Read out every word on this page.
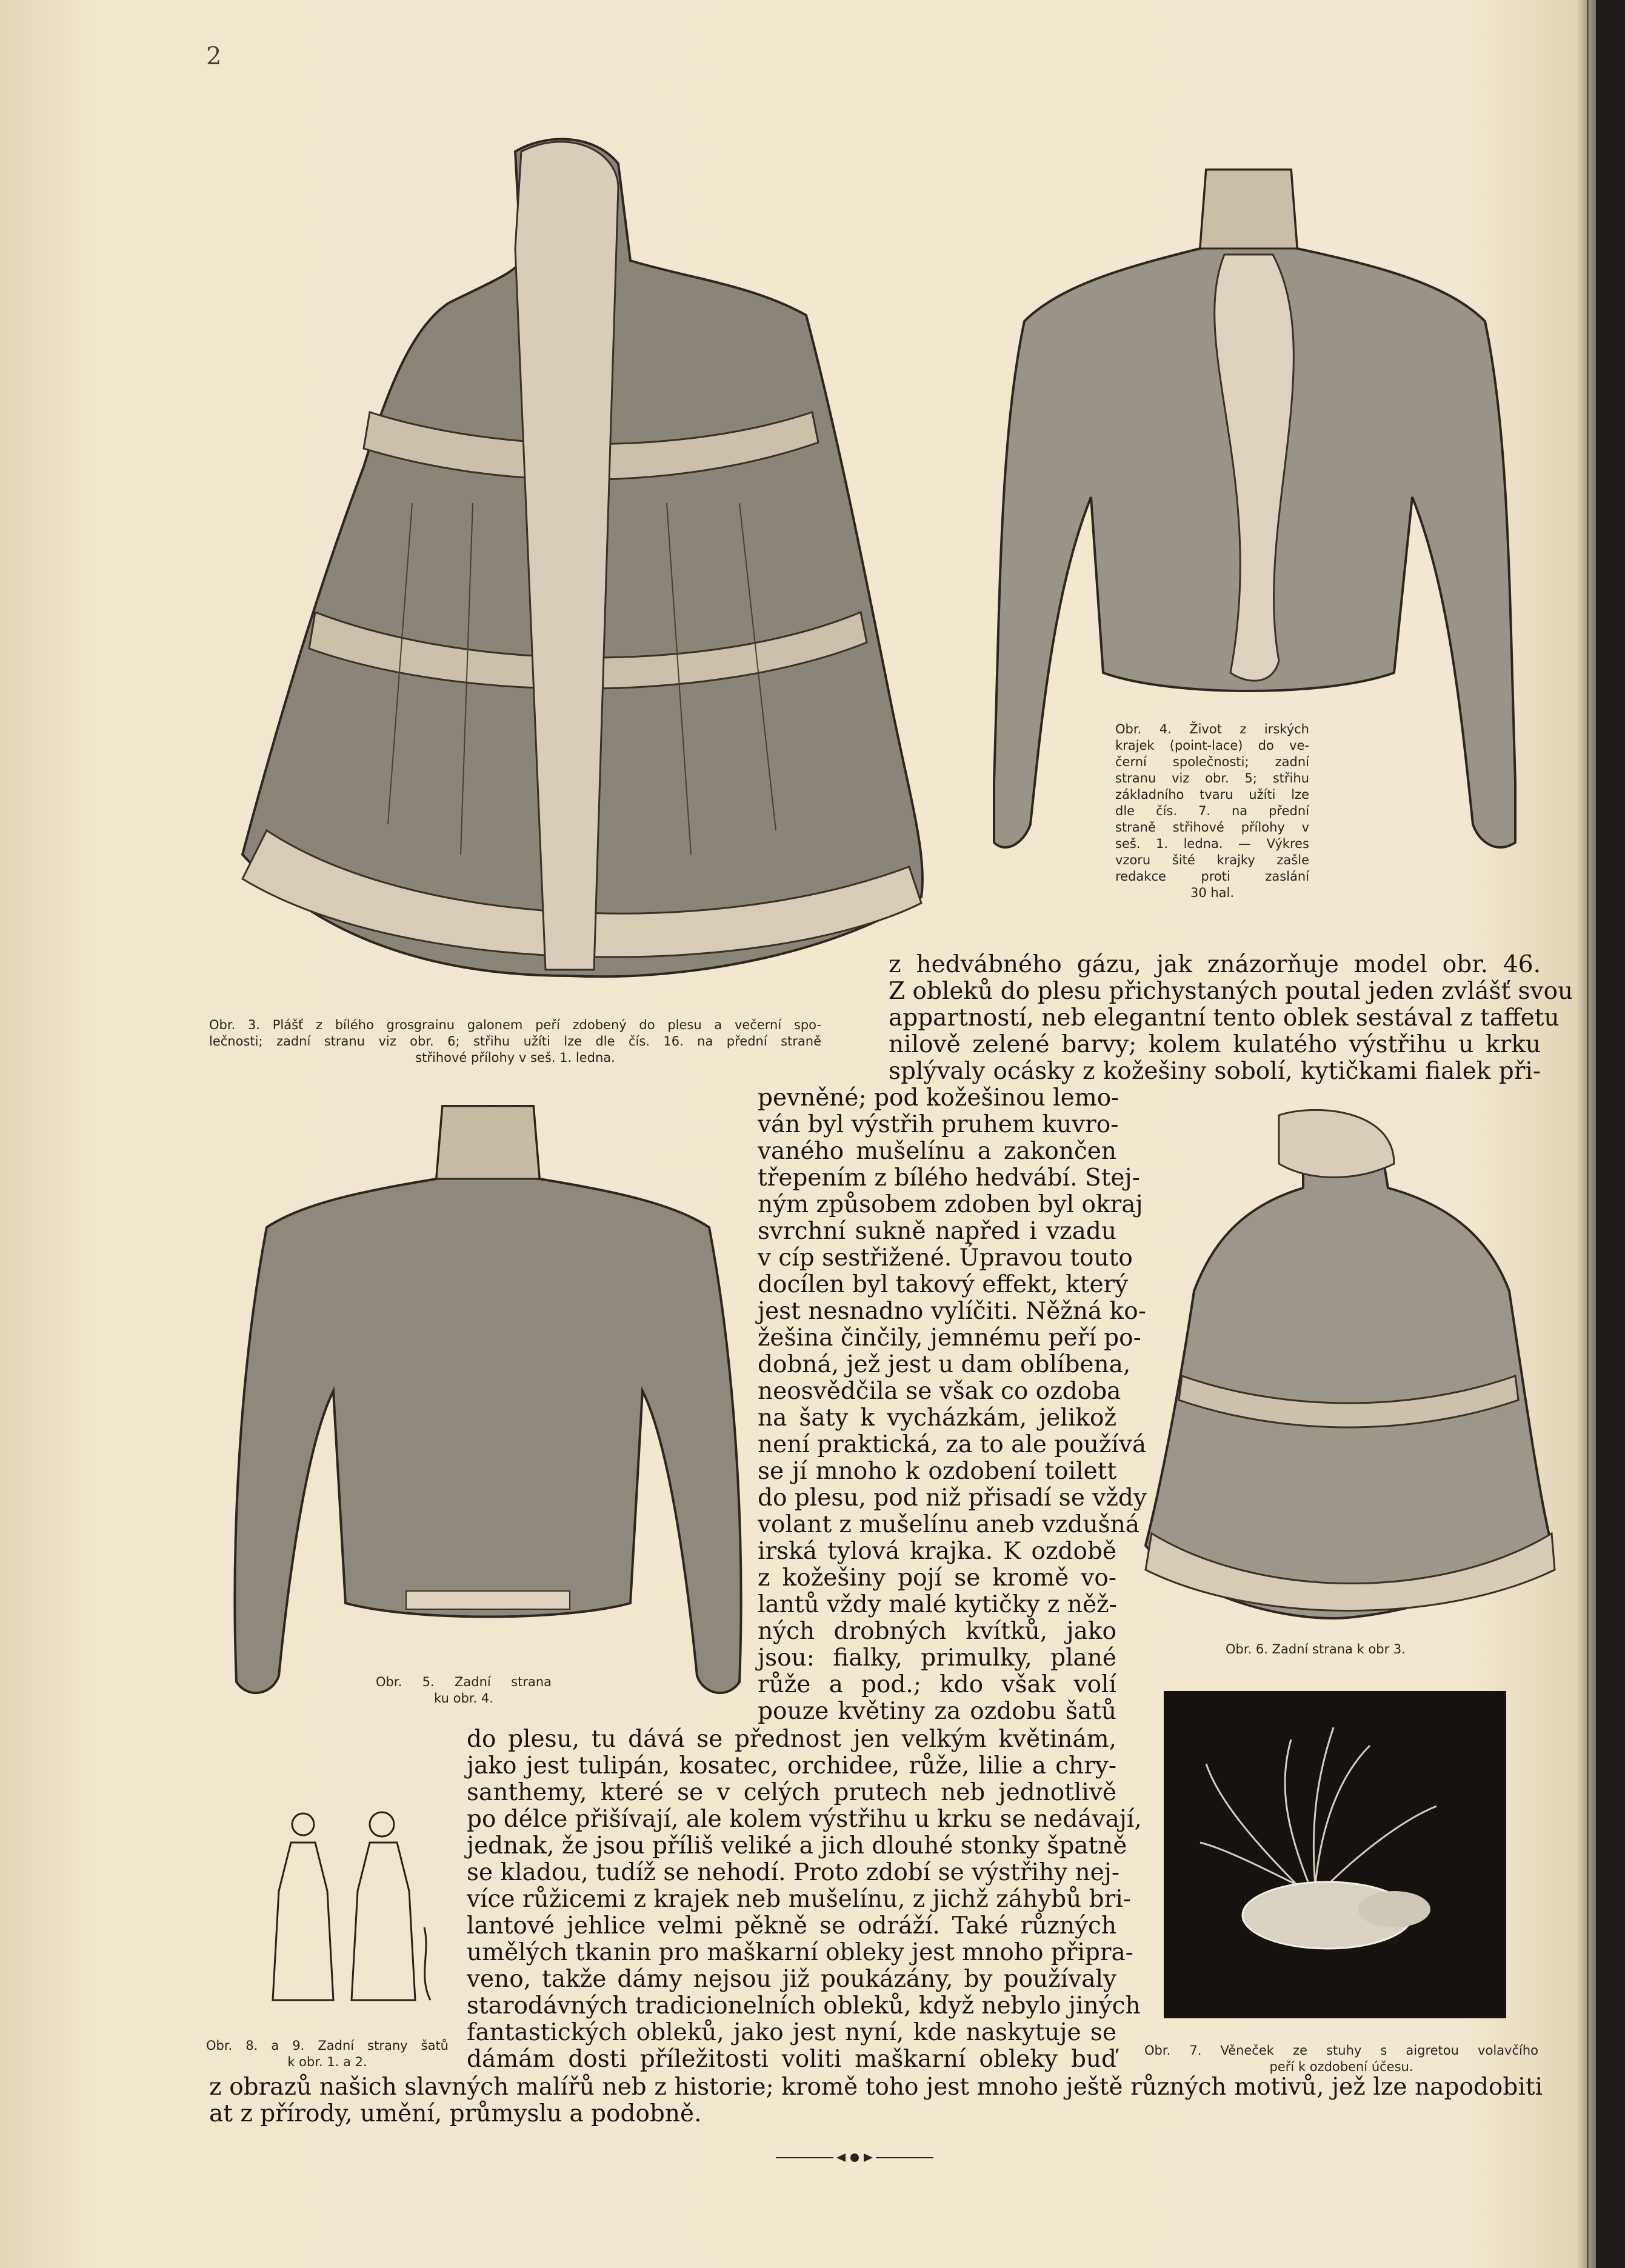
2
Obr. 3. Plášť z bílého grosgrainu galonem peří zdobený do plesu a večerní spo-
lečnosti; zadní stranu viz obr. 6; střihu užíti lze dle čís. 16. na přední straně
střihové přílohy v seš. 1. ledna.
Obr. 4. Život z irských
krajek (point-lace) do ve-
černí společnosti; zadní
stranu viz obr. 5; střihu
základního tvaru užíti lze
dle čís. 7. na přední
straně střihové přílohy v
seš. 1. ledna. — Výkres
vzoru šité krajky zašle
redakce proti zaslání
30 hal.
Obr. 5. Zadní strana
ku obr. 4.
Obr. 6. Zadní strana k obr 3.
Obr. 7. Věneček ze stuhy s aigretou volavčího
peří k ozdobení účesu.
Obr. 8. a 9. Zadní strany šatů
k obr. 1. a 2.
z hedvábného gázu, jak znázorňuje model obr. 46.
Z obleků do plesu přichystaných poutal jeden zvlášť svou
appartností, neb elegantní tento oblek sestával z taffetu
nilově zelené barvy; kolem kulatého výstřihu u krku
splývaly ocásky z kožešiny sobolí, kytičkami fialek při-
pevněné; pod kožešinou lemo-
ván byl výstřih pruhem kuvro-
vaného mušelínu a zakončen
třepením z bílého hedvábí. Stej-
ným způsobem zdoben byl okraj
svrchní sukně napřed i vzadu
v cíp sestřižené. Úpravou touto
docílen byl takový effekt, který
jest nesnadno vylíčiti. Něžná ko-
žešina činčily, jemnému peří po-
dobná, jež jest u dam oblíbena,
neosvědčila se však co ozdoba
na šaty k vycházkám, jelikož
není praktická, za to ale používá
se jí mnoho k ozdobení toilett
do plesu, pod niž přisadí se vždy
volant z mušelínu aneb vzdušná
irská tylová krajka. K ozdobě
z kožešiny pojí se kromě vo-
lantů vždy malé kytičky z něž-
ných drobných kvítků, jako
jsou: fialky, primulky, plané
růže a pod.; kdo však volí
pouze květiny za ozdobu šatů
do plesu, tu dává se přednost jen velkým květinám,
jako jest tulipán, kosatec, orchidee, růže, lilie a chry-
santhemy, které se v celých prutech neb jednotlivě
po délce přišívají, ale kolem výstřihu u krku se nedávají,
jednak, že jsou příliš veliké a jich dlouhé stonky špatně
se kladou, tudíž se nehodí. Proto zdobí se výstřihy nej-
více růžicemi z krajek neb mušelínu, z jichž záhybů bri-
lantové jehlice velmi pěkně se odráží. Také různých
umělých tkanin pro maškarní obleky jest mnoho připra-
veno, takže dámy nejsou již poukázány, by používaly
starodávných tradicionelních obleků, když nebylo jiných
fantastických obleků, jako jest nyní, kde naskytuje se
dámám dosti příležitosti voliti maškarní obleky buď
z obrazů našich slavných malířů neb z historie; kromě toho jest mnoho ještě různých motivů, jež lze napodobiti
at z přírody, umění, průmyslu a podobně.
